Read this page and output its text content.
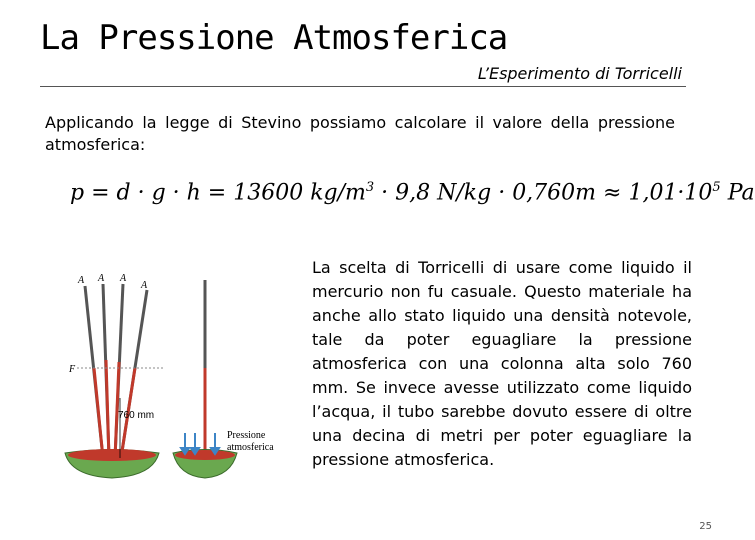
La Pressione Atmosferica
L’Esperimento di Torricelli
Applicando la legge di Stevino possiamo calcolare il valore della pressione atmosferica:
p = d · g · h = 13600 $kg/m^3 \cdot 9,8$ $N/kg \cdot 0,760m \approx 1,01\cdot 10^5$ Pa
A A A
A
F
760 mm
Pressione
atmosferica
La scelta di Torricelli di usare come liquido il mercurio non fu casuale. Questo materiale ha anche allo stato liquido una densità notevole, tale da poter eguagliare la pressione atmosferica con una colonna alta solo 760 mm. Se invece avesse utilizzato come liquido l’acqua, il tubo sarebbe dovuto essere di oltre una decina di metri per poter eguagliare la pressione atmosferica.
25
